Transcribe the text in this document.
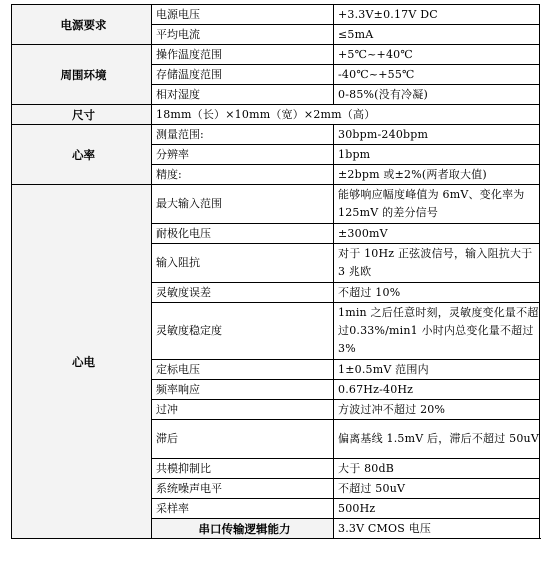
电源要求	电源电压	+3.3V±0.17V DC
	平均电流	≤5mA
周围环境	操作温度范围	+5℃~+40℃
	存储温度范围	-40℃~+55℃
	相对湿度	0-85%(没有冷凝)
尺寸	18mm（长）×10mm（宽）×2mm（高）	
心率	测量范围:	30bpm-240bpm
	分辨率	1bpm
	精度:	±2bpm 或±2%(两者取大值)
心电	最大输入范围	能够响应幅度峰值为 6mV、变化率为 125mV 的差分信号
	耐极化电压	±300mV
	输入阻抗	对于 10Hz 正弦波信号，输入阻抗大于 3 兆欧
	灵敏度误差	不超过 10%
	灵敏度稳定度	1min 之后任意时刻，灵敏度变化量不超过0.33%/min1 小时内总变化量不超过 3%
	定标电压	1±0.5mV 范围内
	频率响应	0.67Hz-40Hz
	过冲	方波过冲不超过 20%
	滞后	偏离基线 1.5mV 后，滞后不超过 50uV
	共模抑制比	大于 80dB
	系统噪声电平	不超过 50uV
	采样率	500Hz
	串口传输逻辑能力	3.3V CMOS 电压
